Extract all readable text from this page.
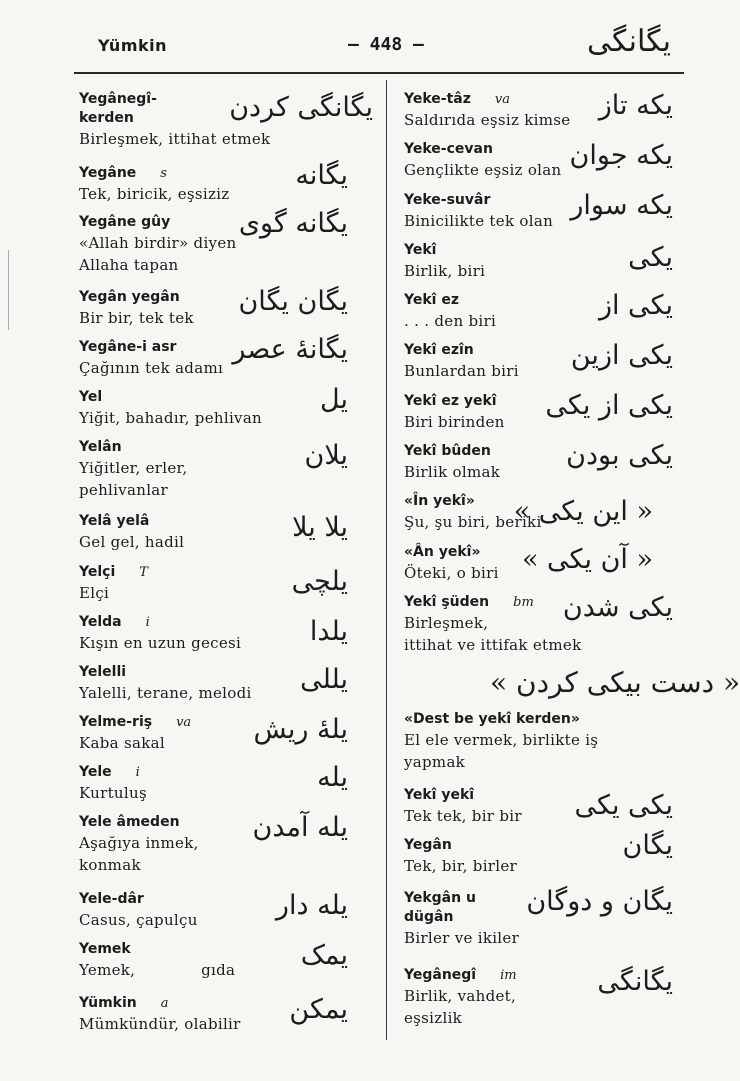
Yümkin	— 448 —	یگانگی
Yegânegî-
kerden
Birleşmek, ittihat etmek
یگانگی کردن
Yegâne s
Tek, biricik, eşsiziz
یگانه
Yegâne gûy
«Allah birdir» diyen
Allaha tapan
یگانه گوی
Yegân yegân
Bir bir, tek tek
یگان یگان
Yegâne-i asr
Çağının tek adamı
یگانهٔ عصر
Yel
Yiğit, bahadır, pehlivan
یل
Yelân
Yiğitler, erler,
pehlivanlar
یلان
Yelâ yelâ
Gel gel, hadil	یلا یلا
Yelçi T
Elçi	یلچی
Yelda i
Kışın en uzun gecesi	یلدا
Yelelli
Yalelli, terane, melodi یللی
Yelme-riş va
Kaba sakal	یلهٔ ریش
Yele i
Kurtuluş	یله
Yele âmeden
Aşağıya inmek,
konmak
یله آمدن
Yele-dâr
Casus, çapulçu	یله دار
Yemek
Yemek,             gıda یمک
Yümkin a
Mümkündür, olabilir یمکن
Yeke-tâz va
Saldırıda eşsiz kimse یکه تاز
Yeke-cevan
Gençlikte eşsiz olan یکه جوان
Yeke-suvâr
Binicilikte tek olan یکه سوار
Yekî
Birlik, biri	یکی
Yekî ez
. . . den biri	یکی از
Yekî ezîn
Bunlardan biri یکی ازین
Yekî ez yekî
Biri birinden
یکی از یکی
Yekî bûden
Birlik olmak
یکی بودن
«În yekî»
Şu, şu biri, beriki
« این یکی »
«Ân yekî»
Öteki, o biri « آن یکی »
Yekî şüden bm
Birleşmek,
ittihat ve ittifak etmek
یکی شدن
« دست بیکی کردن »
«Dest be yekî kerden»
El ele vermek, birlikte iş
yapmak
Yekî yekî
Tek tek, bir bir یکی یکی
Yegân
Tek, bir, birler
یگان
Yekgân u
dügân
Birler ve ikiler
یگان و دوگان
Yegânegî im
Birlik, vahdet,
eşsizlik
یگانگی
